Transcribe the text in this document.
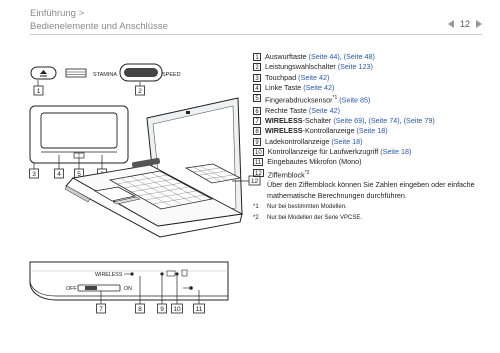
Einführung >
Bedienelemente und Anschlüsse	12
STAMINA	SPEED
1	2
3	4	5
12
WIRELESS
OFF	ON
7	8	9 10 11
1 Auswurftaste (Seite 44), (Seite 48)
2 Leistungswahlschalter (Seite 123)
3 Touchpad (Seite 42)
4 Linke Taste (Seite 42)
5 Fingerabdrucksensor$^{*1}$ (Seite 85)
6 Rechte Taste (Seite 42)
7 WIRELESS-Schalter (Seite 69), (Seite 74), (Seite 79)
8 WIRELESS-Kontrollanzeige (Seite 18)
9 Ladekontrollanzeige (Seite 18)
10 Kontrollanzeige für Laufwerkzugriff (Seite 18)
11 Eingebautes Mikrofon (Mono)
12 Ziffernblock$^{*2}$
Über den Ziffernblock können Sie Zahlen eingeben oder einfache mathematische Berechnungen durchführen.
*1	Nur bei bestimmten Modellen.
*2	Nur bei Modellen der Serie VPCSE.
